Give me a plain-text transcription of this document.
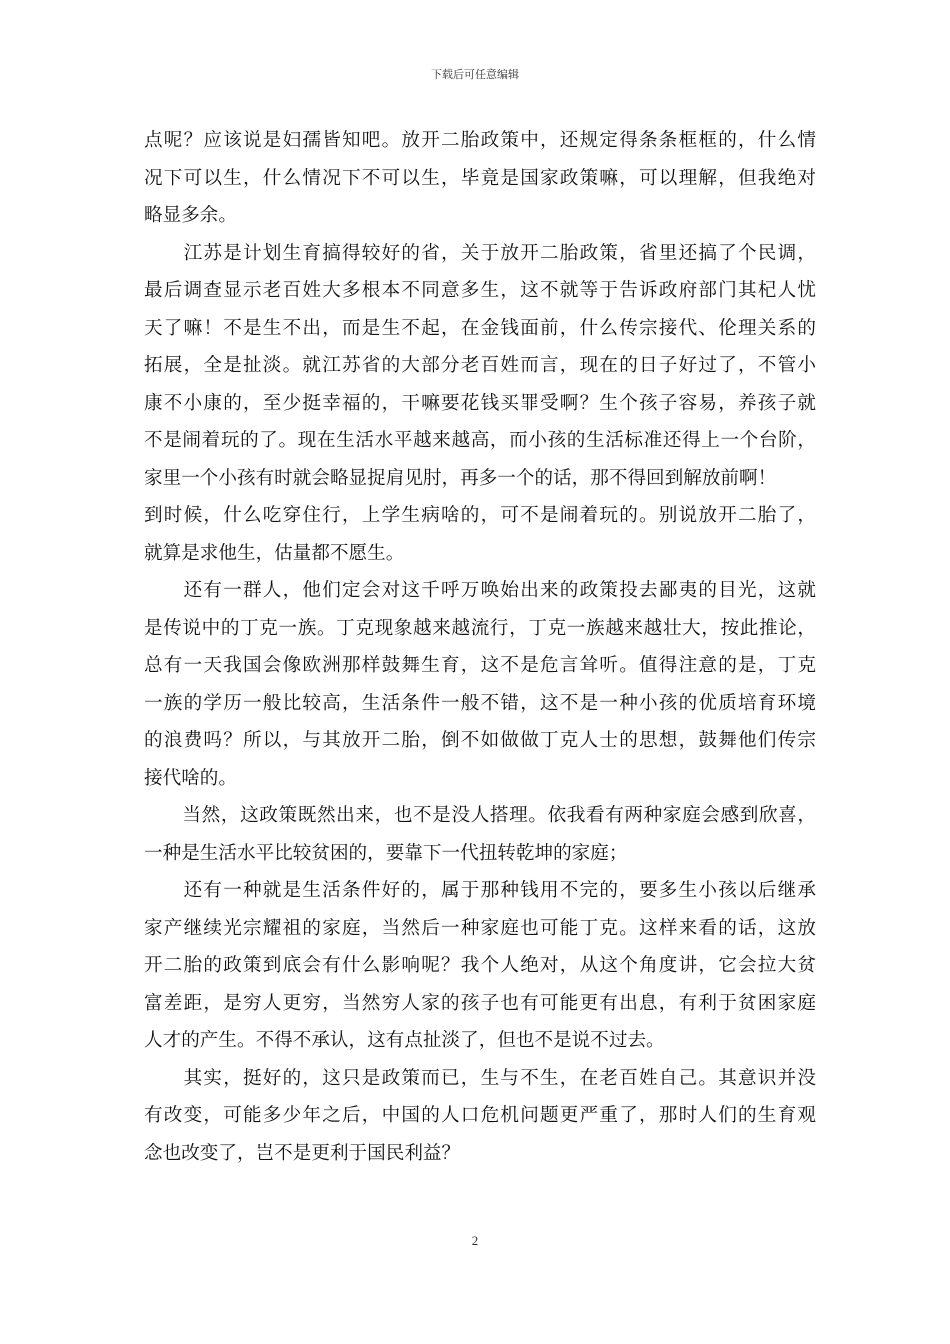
下载后可任意编辑
点呢？应该说是妇孺皆知吧。放开二胎政策中，还规定得条条框框的，什么情
况下可以生，什么情况下不可以生，毕竟是国家政策嘛，可以理解，但我绝对
略显多余。
　　江苏是计划生育搞得较好的省，关于放开二胎政策，省里还搞了个民调，
最后调查显示老百姓大多根本不同意多生，这不就等于告诉政府部门其杞人忧
天了嘛！不是生不出，而是生不起，在金钱面前，什么传宗接代、伦理关系的
拓展，全是扯淡。就江苏省的大部分老百姓而言，现在的日子好过了，不管小
康不小康的，至少挺幸福的，干嘛要花钱买罪受啊？生个孩子容易，养孩子就
不是闹着玩的了。现在生活水平越来越高，而小孩的生活标准还得上一个台阶，
家里一个小孩有时就会略显捉肩见肘，再多一个的话，那不得回到解放前啊！
到时候，什么吃穿住行，上学生病啥的，可不是闹着玩的。别说放开二胎了，
就算是求他生，估量都不愿生。
　　还有一群人，他们定会对这千呼万唤始出来的政策投去鄙夷的目光，这就
是传说中的丁克一族。丁克现象越来越流行，丁克一族越来越壮大，按此推论，
总有一天我国会像欧洲那样鼓舞生育，这不是危言耸听。值得注意的是，丁克
一族的学历一般比较高，生活条件一般不错，这不是一种小孩的优质培育环境
的浪费吗？所以，与其放开二胎，倒不如做做丁克人士的思想，鼓舞他们传宗
接代啥的。
　　当然，这政策既然出来，也不是没人搭理。依我看有两种家庭会感到欣喜，
一种是生活水平比较贫困的，要靠下一代扭转乾坤的家庭；
　　还有一种就是生活条件好的，属于那种钱用不完的，要多生小孩以后继承
家产继续光宗耀祖的家庭，当然后一种家庭也可能丁克。这样来看的话，这放
开二胎的政策到底会有什么影响呢？我个人绝对，从这个角度讲，它会拉大贫
富差距，是穷人更穷，当然穷人家的孩子也有可能更有出息，有利于贫困家庭
人才的产生。不得不承认，这有点扯淡了，但也不是说不过去。
　　其实，挺好的，这只是政策而已，生与不生，在老百姓自己。其意识并没
有改变，可能多少年之后，中国的人口危机问题更严重了，那时人们的生育观
念也改变了，岂不是更利于国民利益？
2
